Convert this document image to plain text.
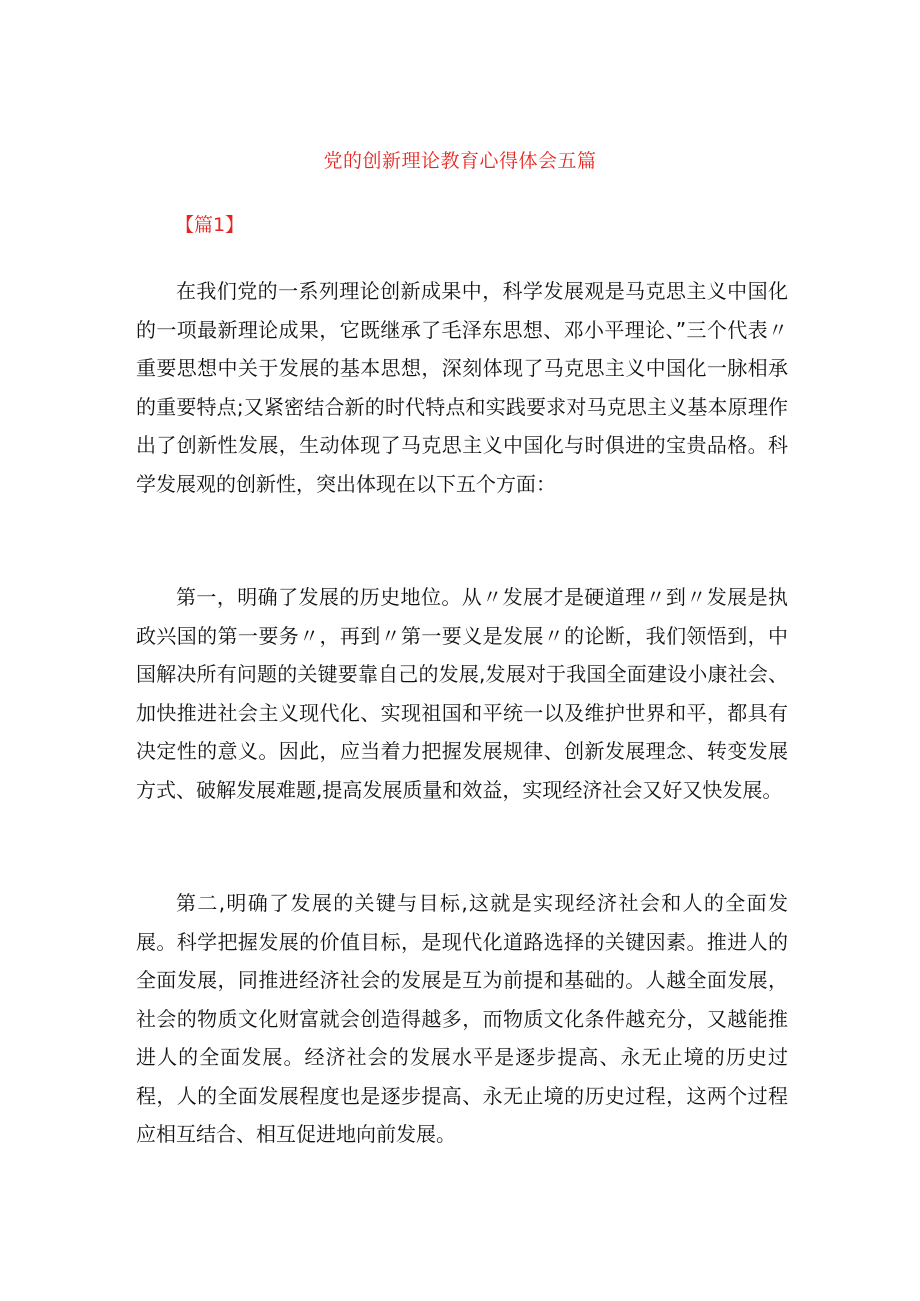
党的创新理论教育心得体会五篇
【篇1】

在我们党的一系列理论创新成果中，科学发展观是马克思主义中国化的一项最新理论成果，它既继承了毛泽东思想、邓小平理论、”三个代表〃重要思想中关于发展的基本思想，深刻体现了马克思主义中国化一脉相承的重要特点;又紧密结合新的时代特点和实践要求对马克思主义基本原理作出了创新性发展，生动体现了马克思主义中国化与时俱进的宝贵品格。科学发展观的创新性，突出体现在以下五个方面：

第一，明确了发展的历史地位。从〃发展才是硬道理〃到〃发展是执政兴国的第一要务〃，再到〃第一要义是发展〃的论断，我们领悟到，中国解决所有问题的关键要靠自己的发展,发展对于我国全面建设小康社会、加快推进社会主义现代化、实现祖国和平统一以及维护世界和平，都具有决定性的意义。因此，应当着力把握发展规律、创新发展理念、转变发展方式、破解发展难题,提高发展质量和效益，实现经济社会又好又快发展。

第二,明确了发展的关键与目标,这就是实现经济社会和人的全面发展。科学把握发展的价值目标，是现代化道路选择的关键因素。推进人的全面发展，同推进经济社会的发展是互为前提和基础的。人越全面发展，社会的物质文化财富就会创造得越多，而物质文化条件越充分，又越能推进人的全面发展。经济社会的发展水平是逐步提高、永无止境的历史过程，人的全面发展程度也是逐步提高、永无止境的历史过程，这两个过程应相互结合、相互促进地向前发展。
